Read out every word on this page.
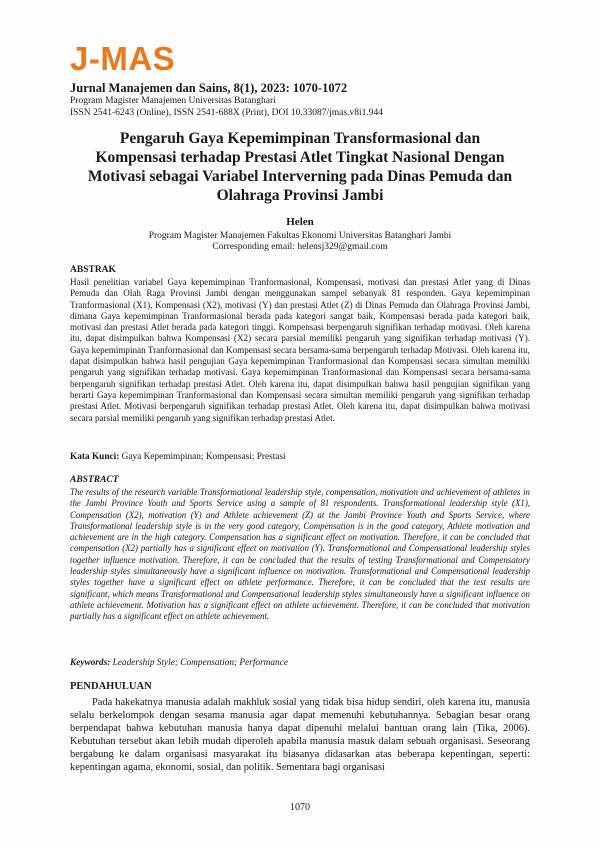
J-MAS
Jurnal Manajemen dan Sains, 8(1), 2023: 1070-1072
Program Magister Manajemen Universitas Batanghari
ISSN 2541-6243 (Online), ISSN 2541-688X (Print), DOI 10.33087/jmas.v8i1.944
Pengaruh Gaya Kepemimpinan Transformasional dan Kompensasi terhadap Prestasi Atlet Tingkat Nasional Dengan Motivasi sebagai Variabel Interverning pada Dinas Pemuda dan Olahraga Provinsi Jambi
Helen
Program Magister Manajemen Fakultas Ekonomi Universitas Batanghari Jambi
Corresponding email: helensj329@gmail.com
ABSTRAK
Hasil penelitian variabel Gaya kepemimpinan Tranformasional, Kompensasi, motivasi dan prestasi Atlet yang di Dinas Pemuda dan Olah Raga Provinsi Jambi dengan menggunakan sampel sebanyak 81 responden. Gaya kepemimpinan Tranformasional (X1), Kompensasi (X2), motivasi (Y) dan prestasi Atlet (Z) di Dinas Pemuda dan Olahraga Provinsi Jambi, dimana Gaya kepemimpinan Tranformasional berada pada kategori sangat baik, Kompensasi berada pada kategori baik, motivasi dan prestasi Atlet berada pada kategori tinggi. Kompensasi berpengaruh signifikan terhadap motivasi. Oleh karena itu, dapat disimpulkan bahwa Kompensasi (X2) secara parsial memiliki pengaruh yang signifikan terhadap motivasi (Y). Gaya kepemimpinan Tranformasional dan Kompensasi secara bersama-sama berpengaruh terhadap Motivasi. Oleh karena itu, dapat disimpulkan bahwa hasil pengujian Gaya kepemimpinan Tranformasional dan Kompensasi secara simultan memiliki pengaruh yang signifikan terhadap motivasi. Gaya kepemimpinan Tranformasional dan Kompensasi secara bersama-sama berpengaruh signifikan terhadap prestasi Atlet. Oleh karena itu, dapat disimpulkan bahwa hasil pengujian signifikan yang berarti Gaya kepemimpinan Tranformasional dan Kompensasi secara simultan memiliki pengaruh yang signifikan terhadap prestasi Atlet. Motivasi berpengaruh signifikan terhadap prestasi Atlet. Oleh karena itu, dapat disimpulkan bahwa motivasi secara parsial memiliki pengaruh yang signifikan terhadap prestasi Atlet.
Kata Kunci: Gaya Kepemimpinan; Kompensasi; Prestasi
ABSTRACT
The results of the research variable Transformational leadership style, compensation, motivation and achievement of athletes in the Jambi Province Youth and Sports Service using a sample of 81 respondents. Transformational leadership style (X1), Compensation (X2), motivation (Y) and Athlete achievement (Z) at the Jambi Province Youth and Sports Service, where Transformational leadership style is in the very good category, Compensation is in the good category, Athlete motivation and achievement are in the high category. Compensation has a significant effect on motivation. Therefore, it can be concluded that compensation (X2) partially has a significant effect on motivation (Y). Transformational and Compensational leadership styles together influence motivation. Therefore, it can be concluded that the results of testing Transformational and Compensatory leadership styles simultaneously have a significant influence on motivation. Transformational and Compensational leadership styles together have a significant effect on athlete performance. Therefore, it can be concluded that the test results are significant, which means Transformational and Compensational leadership styles simultaneously have a significant influence on athlete achievement. Motivation has a significant effect on athlete achievement. Therefore, it can be concluded that motivation partially has a significant effect on athlete achievement.
Keywords: Leadership Style; Compensation; Performance
PENDAHULUAN
Pada hakekatnya manusia adalah makhluk sosial yang tidak bisa hidup sendiri, oleh karena itu, manusia selalu berkelompok dengan sesama manusia agar dapat memenuhi kebutuhannya. Sebagian besar orang berpendapat bahwa kebutuhan manusia hanya dapat dipenuhi melalui bantuan orang lain (Tika, 2006). Kebutuhan tersebut akan lebih mudah diperoleh apabila manusia masuk dalam sebuah organisasi. Seseorang bergabung ke dalam organisasi masyarakat itu biasanya didasarkan atas beberapa kepentingan, seperti: kepentingan agama, ekonomi, sosial, dan politik. Sementara bagi organisasi
1070
